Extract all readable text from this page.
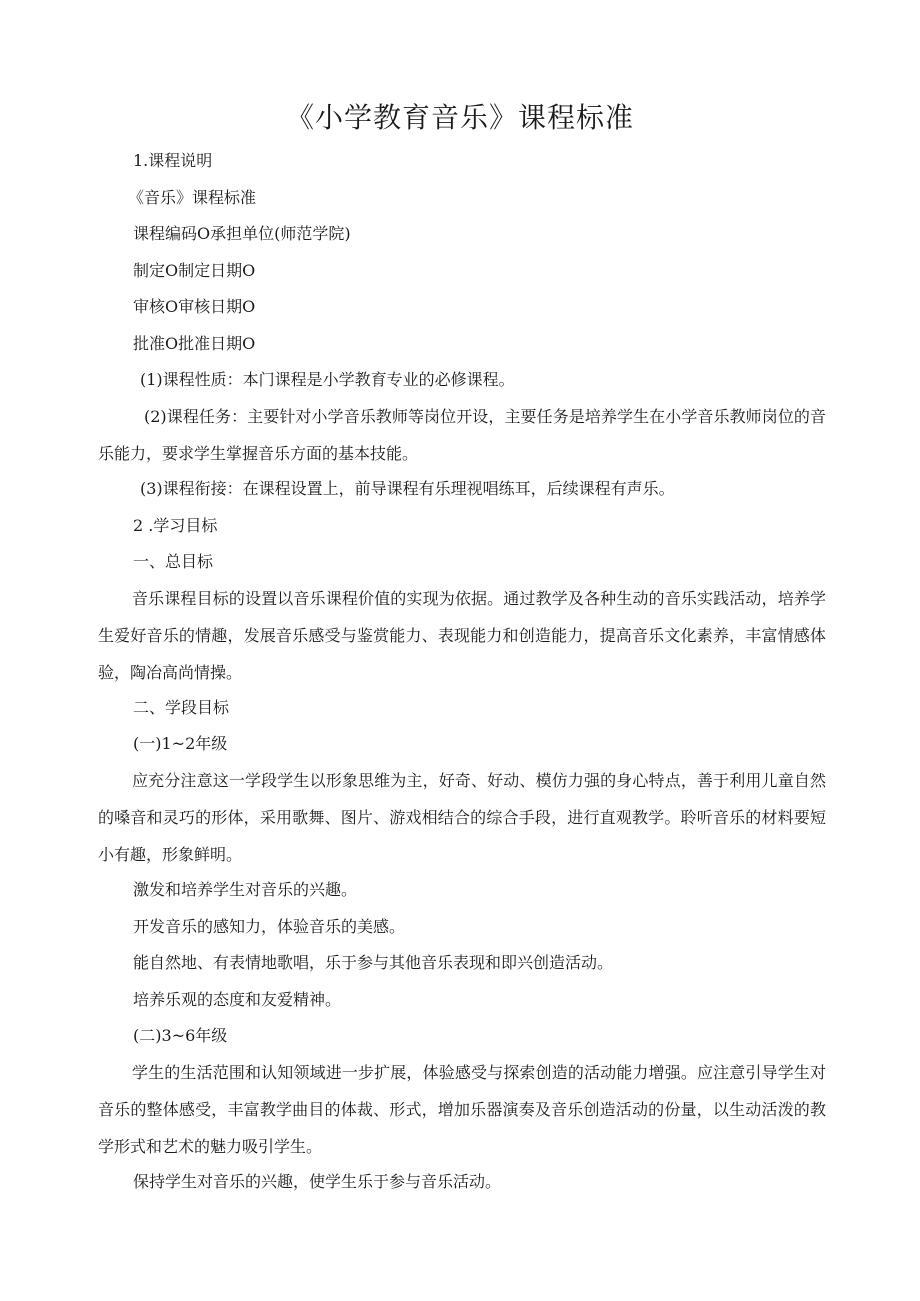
《小学教育音乐》课程标准

1.课程说明

《音乐》课程标准

课程编码O承担单位(师范学院)

制定O制定日期O

审核O审核日期O

批准O批准日期O

(1)课程性质：本门课程是小学教育专业的必修课程。

(2)课程任务：主要针对小学音乐教师等岗位开设，主要任务是培养学生在小学音乐教师岗位的音乐能力，要求学生掌握音乐方面的基本技能。

(3)课程衔接：在课程设置上，前导课程有乐理视唱练耳，后续课程有声乐。

2 .学习目标

一、总目标

音乐课程目标的设置以音乐课程价值的实现为依据。通过教学及各种生动的音乐实践活动，培养学生爱好音乐的情趣，发展音乐感受与鉴赏能力、表现能力和创造能力，提高音乐文化素养，丰富情感体验，陶冶高尚情操。

二、学段目标

(一)1~2年级

应充分注意这一学段学生以形象思维为主，好奇、好动、模仿力强的身心特点，善于利用儿童自然的嗓音和灵巧的形体，采用歌舞、图片、游戏相结合的综合手段，进行直观教学。聆听音乐的材料要短小有趣，形象鲜明。

激发和培养学生对音乐的兴趣。

开发音乐的感知力，体验音乐的美感。

能自然地、有表情地歌唱，乐于参与其他音乐表现和即兴创造活动。

培养乐观的态度和友爱精神。

(二)3~6年级

学生的生活范围和认知领域进一步扩展，体验感受与探索创造的活动能力增强。应注意引导学生对音乐的整体感受，丰富教学曲目的体裁、形式，增加乐器演奏及音乐创造活动的份量，以生动活泼的教学形式和艺术的魅力吸引学生。

保持学生对音乐的兴趣，使学生乐于参与音乐活动。
